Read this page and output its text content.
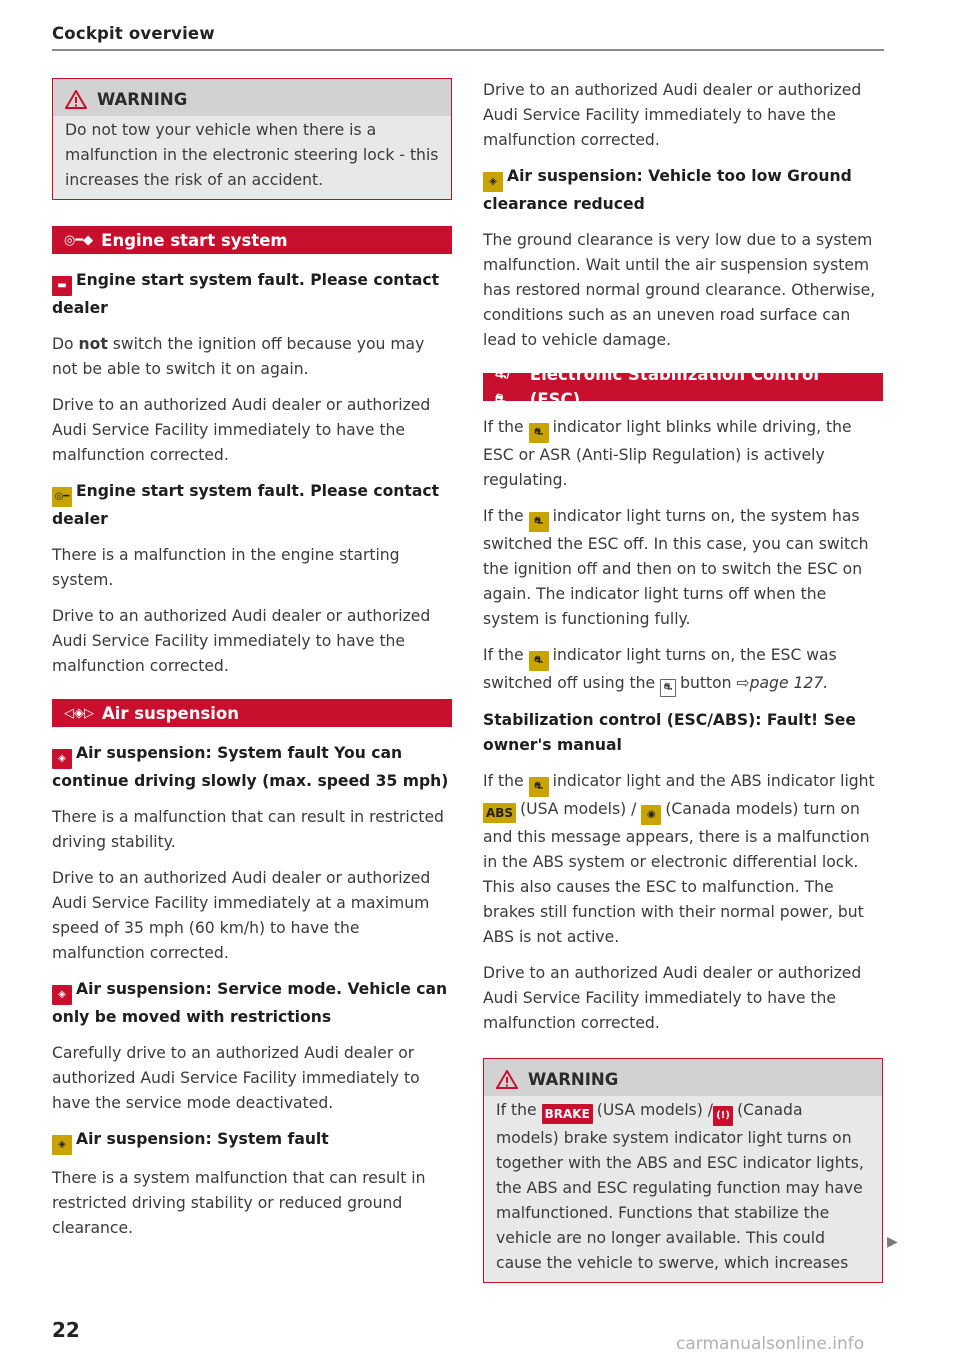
Cockpit overview
WARNING

Do not tow your vehicle when there is a malfunction in the electronic steering lock - this increases the risk of an accident.

◎━◆ Engine start system
▬ Engine start system fault. Please contact dealer

Do not switch the ignition off because you may not be able to switch it on again.

Drive to an authorized Audi dealer or authorized Audi Service Facility immediately to have the malfunction corrected.

◎━ Engine start system fault. Please contact dealer

There is a malfunction in the engine starting system.

Drive to an authorized Audi dealer or authorized Audi Service Facility immediately to have the malfunction corrected.

◁◈▷ Air suspension
◈ Air suspension: System fault You can continue driving slowly (max. speed 35 mph)

There is a malfunction that can result in restricted driving stability.

Drive to an authorized Audi dealer or authorized Audi Service Facility immediately at a maximum speed of 35 mph (60 km/h) to have the malfunction corrected.

◈ Air suspension: Service mode. Vehicle can only be moved with restrictions

Carefully drive to an authorized Audi dealer or authorized Audi Service Facility immediately to have the service mode deactivated.

◈ Air suspension: System fault

There is a system malfunction that can result in restricted driving stability or reduced ground clearance.

Drive to an authorized Audi dealer or authorized Audi Service Facility immediately to have the malfunction corrected.

◈ Air suspension: Vehicle too low Ground clearance reduced

The ground clearance is very low due to a system malfunction. Wait until the air suspension system has restored normal ground clearance. Otherwise, conditions such as an uneven road surface can lead to vehicle damage.

⛐/⛐
Electronic Stabilization Control (ESC)

If the ⛐ indicator light blinks while driving, the ESC or ASR (Anti-Slip Regulation) is actively regulating.

If the ⛐ indicator light turns on, the system has switched the ESC off. In this case, you can switch the ignition off and then on to switch the ESC on again. The indicator light turns off when the system is functioning fully.

If the ⛐ indicator light turns on, the ESC was switched off using the ⛐ button ⇨page 127.

Stabilization control (ESC/ABS): Fault! See owner's manual

If the ⛐ indicator light and the ABS indicator light ABS (USA models) / ◉ (Canada models) turn on and this message appears, there is a malfunction in the ABS system or electronic differential lock. This also causes the ESC to malfunction. The brakes still function with their normal power, but ABS is not active.

Drive to an authorized Audi dealer or authorized Audi Service Facility immediately to have the malfunction corrected.

WARNING

If the BRAKE (USA models) / (!) (Canada models) brake system indicator light turns on together with the ABS and ESC indicator lights, the ABS and ESC regulating function may have malfunctioned. Functions that stabilize the vehicle are no longer available. This could cause the vehicle to swerve, which increases

▶
22
carmanualsonline.info
